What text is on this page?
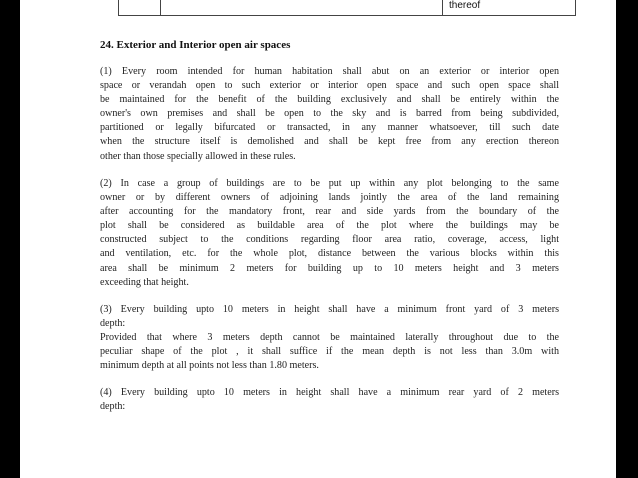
thereof
24. Exterior and Interior open air spaces
(1) Every room intended for human habitation shall abut on an exterior or interior open
space or verandah open to such exterior or interior open space and such open space shall
be maintained for the benefit of the building exclusively and shall be entirely within the
owner's own premises and shall be open to the sky and is barred from being subdivided,
partitioned or legally bifurcated or transacted, in any manner whatsoever, till such date
when the structure itself is demolished and shall be kept free from any erection thereon
other than those specially allowed in these rules.
(2) In case a group of buildings are to be put up within any plot belonging to the same
owner or by different owners of adjoining lands jointly the area of the land remaining
after accounting for the mandatory front, rear and side yards from the boundary of the
plot shall be considered as buildable area of the plot where the buildings may be
constructed subject to the conditions regarding floor area ratio, coverage, access, light
and ventilation, etc. for the whole plot, distance between the various blocks within this
area shall be minimum 2 meters for building up to 10 meters height and 3 meters
exceeding that height.
(3) Every building upto 10 meters in height shall have a minimum front yard of 3 meters
depth:
Provided that where 3 meters depth cannot be maintained laterally throughout due to the
peculiar shape of the plot , it shall suffice if the mean depth is not less than 3.0m with
minimum depth at all points not less than 1.80 meters.
(4) Every building upto 10 meters in height shall have a minimum rear yard of 2 meters
depth:
